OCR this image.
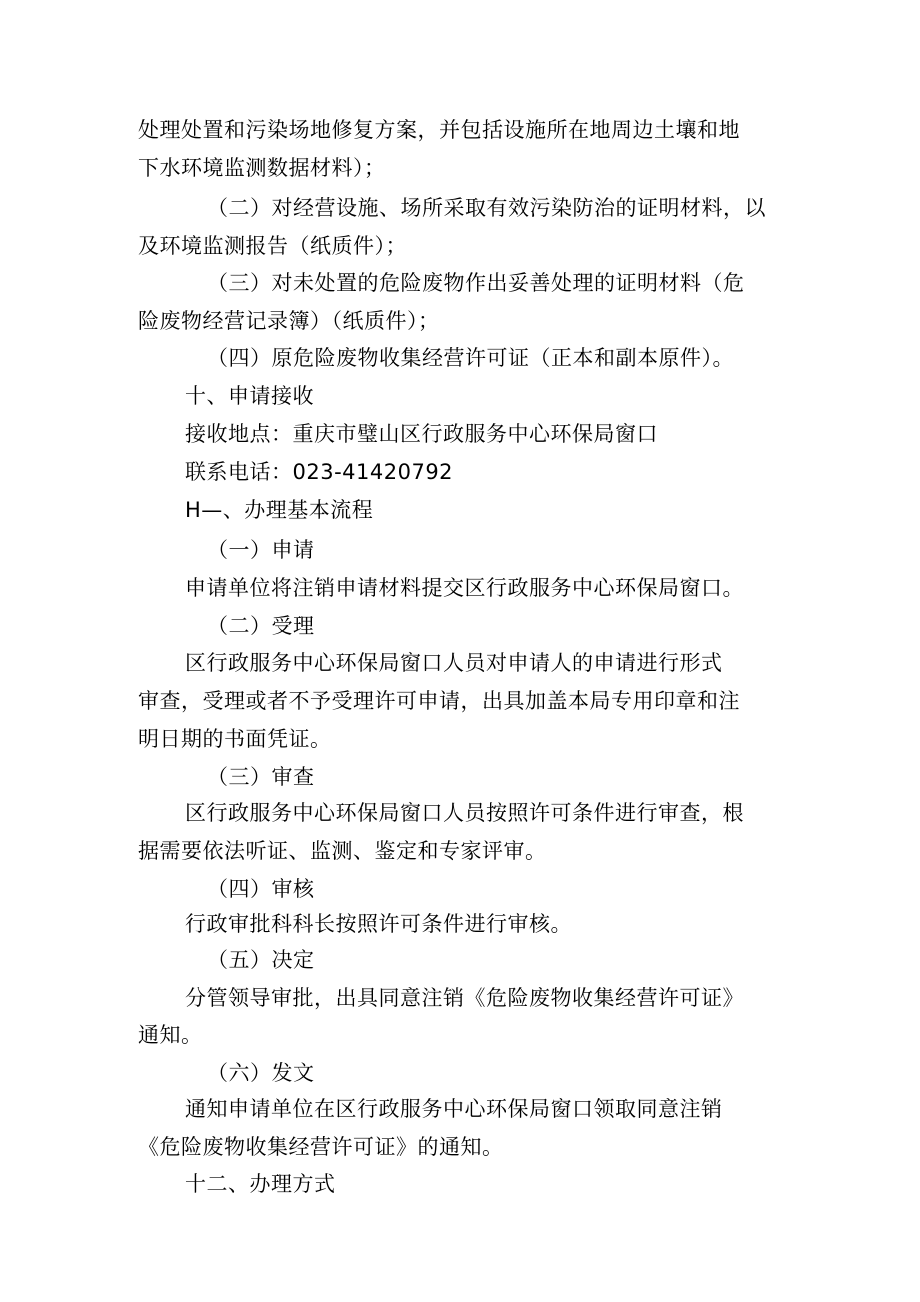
处理处置和污染场地修复方案，并包括设施所在地周边土壤和地
下水环境监测数据材料）；
（二）对经营设施、场所采取有效污染防治的证明材料，以
及环境监测报告（纸质件）；
（三）对未处置的危险废物作出妥善处理的证明材料（危
险废物经营记录簿）（纸质件）；
（四）原危险废物收集经营许可证（正本和副本原件）。
十、申请接收
接收地点：重庆市璧山区行政服务中心环保局窗口
联系电话：023-41420792
H—、办理基本流程
（一）申请
申请单位将注销申请材料提交区行政服务中心环保局窗口。
（二）受理
区行政服务中心环保局窗口人员对申请人的申请进行形式
审查，受理或者不予受理许可申请，出具加盖本局专用印章和注
明日期的书面凭证。
（三）审查
区行政服务中心环保局窗口人员按照许可条件进行审查，根
据需要依法听证、监测、鉴定和专家评审。
（四）审核
行政审批科科长按照许可条件进行审核。
（五）决定
分管领导审批，出具同意注销《危险废物收集经营许可证》
通知。
（六）发文
通知申请单位在区行政服务中心环保局窗口领取同意注销
《危险废物收集经营许可证》的通知。
十二、办理方式
